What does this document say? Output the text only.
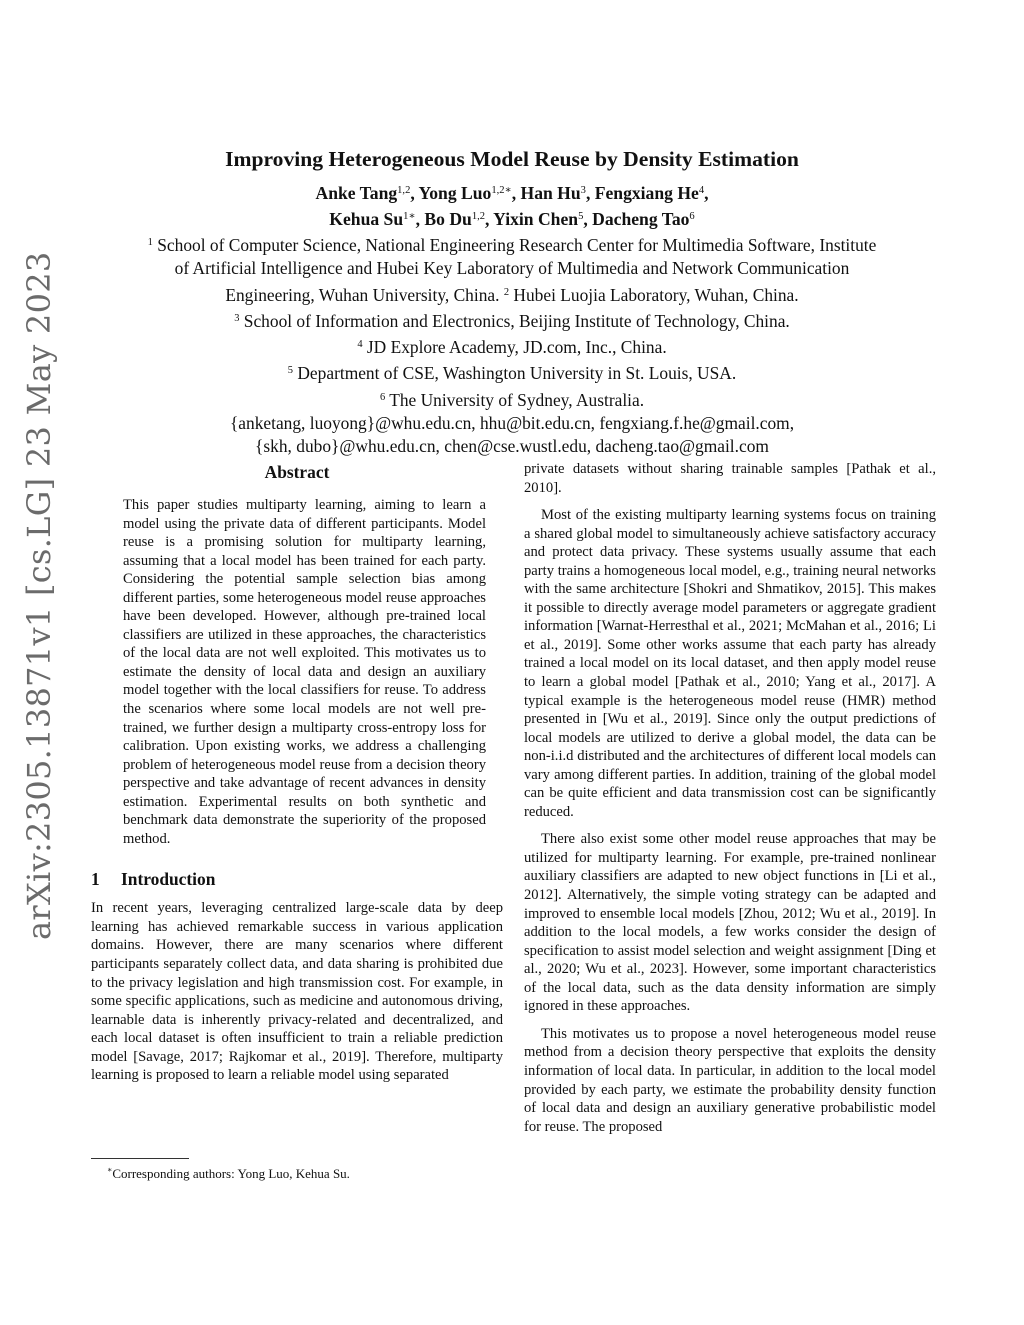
arXiv:2305.13871v1 [cs.LG] 23 May 2023
Improving Heterogeneous Model Reuse by Density Estimation
Anke Tang$^{1,2}$, Yong Luo$^{1,2∗}$, Han Hu$^3$, Fengxiang He$^4$,
Kehua $Su^{1∗}$, Bo Du$^{1,2}$, Yixin Chen$^5$, Dacheng Tao$^6$
$^1$ School of Computer Science, National Engineering Research Center for Multimedia Software, Institute
of Artificial Intelligence and Hubei Key Laboratory of Multimedia and Network Communication
Engineering, Wuhan University, China. $^2$ Hubei Luojia Laboratory, Wuhan, China.
$^3$ School of Information and Electronics, Beijing Institute of Technology, China.
$^4$ JD Explore Academy, JD.com, Inc., China.
$^5$ Department of CSE, Washington University in St. Louis, USA.
$^6$ The University of Sydney, Australia.
{anketang, luoyong}@whu.edu.cn, hhu@bit.edu.cn, fengxiang.f.he@gmail.com,
{skh, dubo}@whu.edu.cn, chen@cse.wustl.edu, dacheng.tao@gmail.com
Abstract

This paper studies multiparty learning, aiming to learn a model using the private data of different participants. Model reuse is a promising solution for multiparty learning, assuming that a local model has been trained for each party. Considering the potential sample selection bias among different parties, some heterogeneous model reuse approaches have been developed. However, although pre-trained local classifiers are utilized in these approaches, the characteristics of the local data are not well exploited. This motivates us to estimate the density of local data and design an auxiliary model together with the local classifiers for reuse. To address the scenarios where some local models are not well pre-trained, we further design a multiparty cross-entropy loss for calibration. Upon existing works, we address a challenging problem of heterogeneous model reuse from a decision theory perspective and take advantage of recent advances in density estimation. Experimental results on both synthetic and benchmark data demonstrate the superiority of the proposed method.

1 Introduction

In recent years, leveraging centralized large-scale data by deep learning has achieved remarkable success in various application domains. However, there are many scenarios where different participants separately collect data, and data sharing is prohibited due to the privacy legislation and high transmission cost. For example, in some specific applications, such as medicine and autonomous driving, learnable data is inherently privacy-related and decentralized, and each local dataset is often insufficient to train a reliable prediction model [Savage, 2017; Rajkomar et al., 2019]. Therefore, multiparty learning is proposed to learn a reliable model using separated

private datasets without sharing trainable samples [Pathak et al., 2010].

Most of the existing multiparty learning systems focus on training a shared global model to simultaneously achieve satisfactory accuracy and protect data privacy. These systems usually assume that each party trains a homogeneous local model, e.g., training neural networks with the same architecture [Shokri and Shmatikov, 2015]. This makes it possible to directly average model parameters or aggregate gradient information [Warnat-Herresthal et al., 2021; McMahan et al., 2016; Li et al., 2019]. Some other works assume that each party has already trained a local model on its local dataset, and then apply model reuse to learn a global model [Pathak et al., 2010; Yang et al., 2017]. A typical example is the heterogeneous model reuse (HMR) method presented in [Wu et al., 2019]. Since only the output predictions of local models are utilized to derive a global model, the data can be non-i.i.d distributed and the architectures of different local models can vary among different parties. In addition, training of the global model can be quite efficient and data transmission cost can be significantly reduced.

There also exist some other model reuse approaches that may be utilized for multiparty learning. For example, pre-trained nonlinear auxiliary classifiers are adapted to new object functions in [Li et al., 2012]. Alternatively, the simple voting strategy can be adapted and improved to ensemble local models [Zhou, 2012; Wu et al., 2019]. In addition to the local models, a few works consider the design of specification to assist model selection and weight assignment [Ding et al., 2020; Wu et al., 2023]. However, some important characteristics of the local data, such as the data density information are simply ignored in these approaches.

This motivates us to propose a novel heterogeneous model reuse method from a decision theory perspective that exploits the density information of local data. In particular, in addition to the local model provided by each party, we estimate the probability density function of local data and design an auxiliary generative probabilistic model for reuse. The proposed

∗Corresponding authors: Yong Luo, Kehua Su.
